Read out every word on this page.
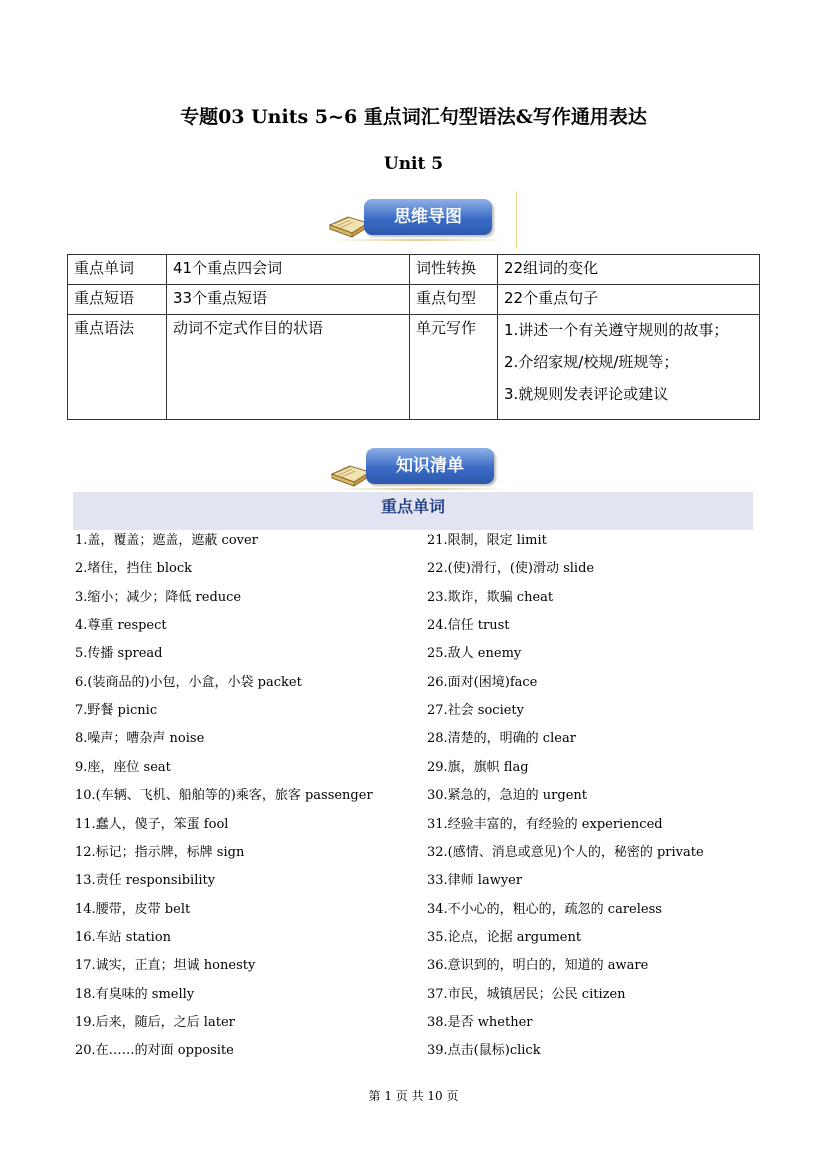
专题03 Units 5~6 重点词汇句型语法&写作通用表达
Unit 5
思维导图
重点单词	41个重点四会词	词性转换	22组词的变化
重点短语	33个重点短语	重点句型	22个重点句子
重点语法	动词不定式作目的状语	单元写作	1.讲述一个有关遵守规则的故事；
2.介绍家规/校规/班规等；
3.就规则发表评论或建议
知识清单
重点单词
1.盖，覆盖；遮盖，遮蔽 cover
2.堵住，挡住 block
3.缩小；减少；降低 reduce
4.尊重 respect
5.传播 spread
6.(装商品的)小包，小盒，小袋 packet
7.野餐 picnic
8.噪声；嘈杂声 noise
9.座，座位 seat
10.(车辆、飞机、船舶等的)乘客，旅客 passenger
11.蠢人，傻子，笨蛋 fool
12.标记；指示牌，标牌 sign
13.责任 responsibility
14.腰带，皮带 belt
16.车站 station
17.诚实，正直；坦诚 honesty
18.有臭味的 smelly
19.后来，随后，之后 later
20.在……的对面 opposite
21.限制，限定 limit
22.(使)滑行，(使)滑动 slide
23.欺诈，欺骗 cheat
24.信任 trust
25.敌人 enemy
26.面对(困境)face
27.社会 society
28.清楚的，明确的 clear
29.旗，旗帜 flag
30.紧急的，急迫的 urgent
31.经验丰富的，有经验的 experienced
32.(感情、消息或意见)个人的，秘密的 private
33.律师 lawyer
34.不小心的，粗心的，疏忽的 careless
35.论点，论据 argument
36.意识到的，明白的，知道的 aware
37.市民，城镇居民；公民 citizen
38.是否 whether
39.点击(鼠标)click
第 1 页 共 10 页
